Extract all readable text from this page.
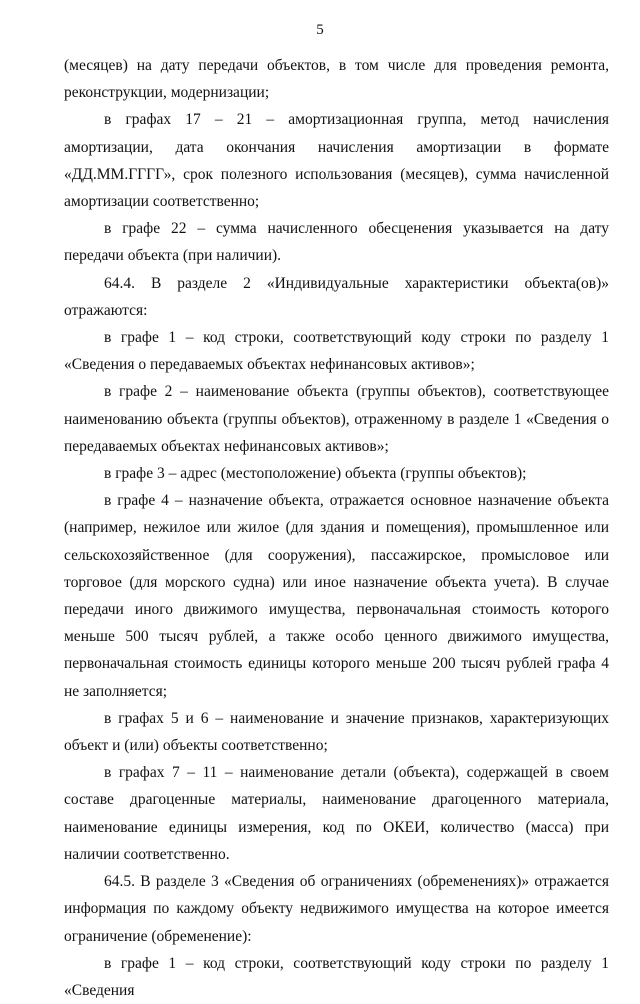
5

(месяцев) на дату передачи объектов, в том числе для проведения ремонта, реконструкции, модернизации;

в графах 17 – 21 – амортизационная группа, метод начисления амортизации, дата окончания начисления амортизации в формате «ДД.ММ.ГГГГ», срок полезного использования (месяцев), сумма начисленной амортизации соответственно;

в графе 22 – сумма начисленного обесценения указывается на дату передачи объекта (при наличии).

64.4. В разделе 2 «Индивидуальные характеристики объекта(ов)» отражаются:

в графе 1 – код строки, соответствующий коду строки по разделу 1 «Сведения о передаваемых объектах нефинансовых активов»;

в графе 2 – наименование объекта (группы объектов), соответствующее наименованию объекта (группы объектов), отраженному в разделе 1 «Сведения о передаваемых объектах нефинансовых активов»;

в графе 3 – адрес (местоположение) объекта (группы объектов);

в графе 4 – назначение объекта, отражается основное назначение объекта (например, нежилое или жилое (для здания и помещения), промышленное или сельскохозяйственное (для сооружения), пассажирское, промысловое или торговое (для морского судна) или иное назначение объекта учета). В случае передачи иного движимого имущества, первоначальная стоимость которого меньше 500 тысяч рублей, а также особо ценного движимого имущества, первоначальная стоимость единицы которого меньше 200 тысяч рублей графа 4 не заполняется;

в графах 5 и 6 – наименование и значение признаков, характеризующих объект и (или) объекты соответственно;

в графах 7 – 11 – наименование детали (объекта), содержащей в своем составе драгоценные материалы, наименование драгоценного материала, наименование единицы измерения, код по ОКЕИ, количество (масса) при наличии соответственно.

64.5. В разделе 3 «Сведения об ограничениях (обременениях)» отражается информация по каждому объекту недвижимого имущества на которое имеется ограничение (обременение):

в графе 1 – код строки, соответствующий коду строки по разделу 1 «Сведения
